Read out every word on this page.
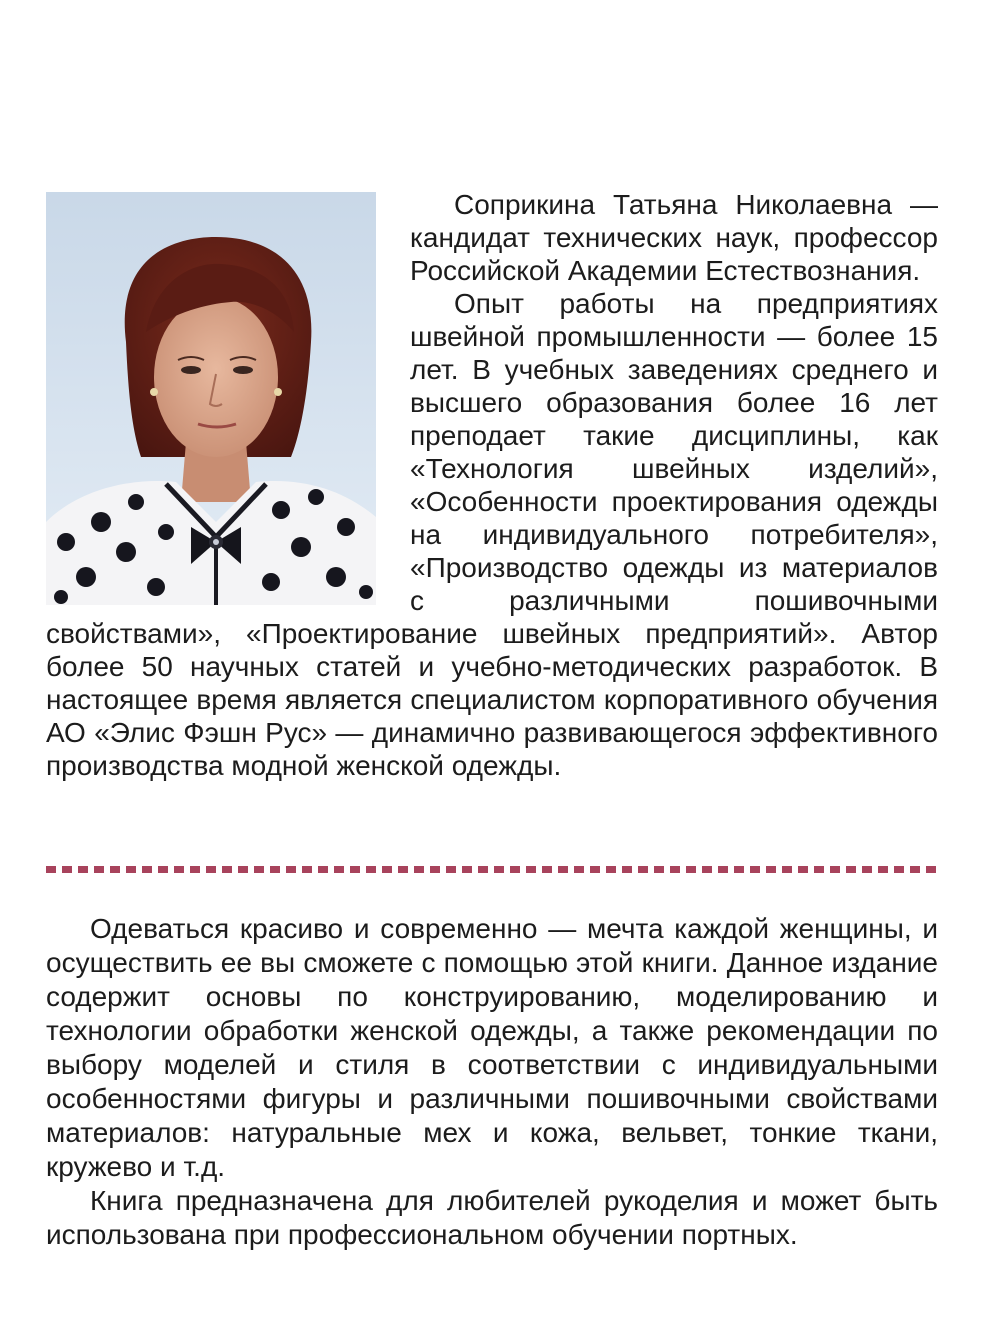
Соприкина Татьяна Николаевна — кандидат технических наук, профессор Российской Академии Естествознания.

Опыт работы на предприятиях швейной промышленности — более 15 лет. В учебных заведениях среднего и высшего образования более 16 лет преподает такие дисциплины, как «Технология швейных изделий», «Особенности проектирования одежды на индивидуального потребителя», «Производство одежды из материалов с различными пошивочными свойствами», «Проектирование швейных предприятий». Автор более 50 научных статей и учебно-методических разработок. В настоящее время является специалистом корпоративного обучения АО «Элис Фэшн Рус» — динамично развивающегося эффективного производства модной женской одежды.

Одеваться красиво и современно — мечта каждой женщины, и осуществить ее вы сможете с помощью этой книги. Данное издание содержит основы по конструированию, моделированию и технологии обработки женской одежды, а также рекомендации по выбору моделей и стиля в соответствии с индивидуальными особенностями фигуры и различными пошивочными свойствами материалов: натуральные мех и кожа, вельвет, тонкие ткани, кружево и т.д.

Книга предназначена для любителей рукоделия и может быть использована при профессиональном обучении портных.
